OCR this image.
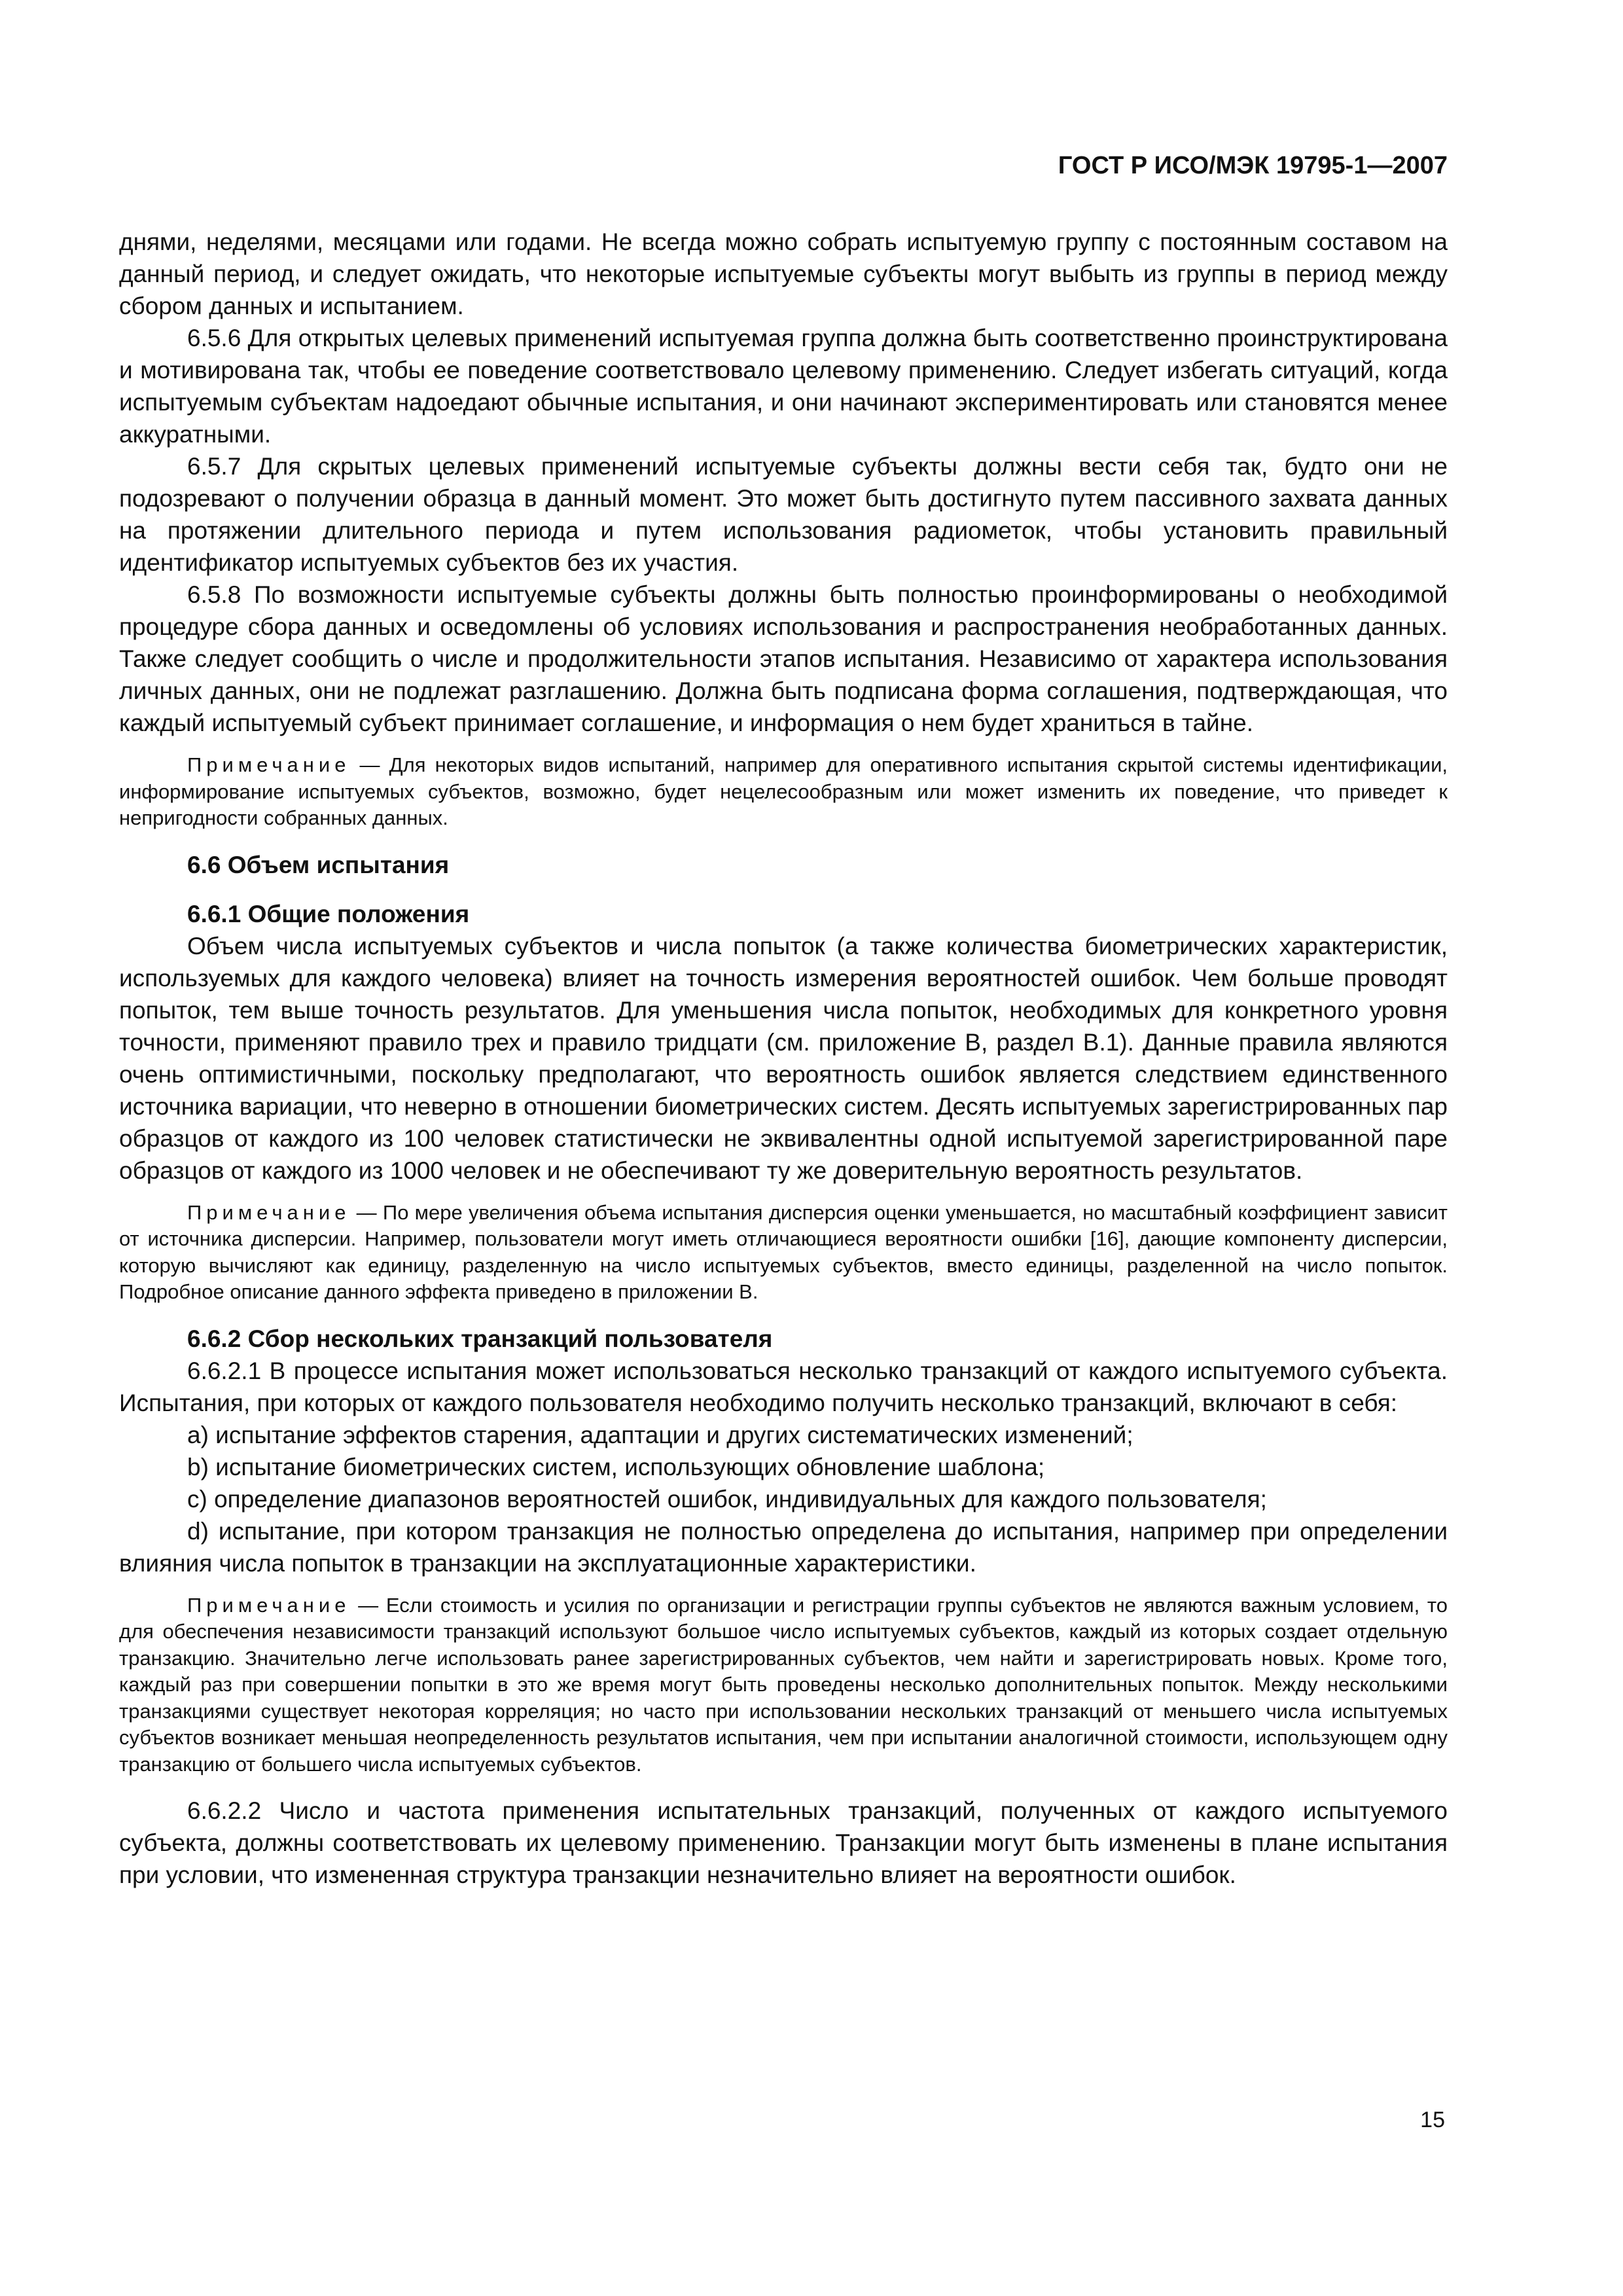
ГОСТ Р ИСО/МЭК 19795-1—2007

днями, неделями, месяцами или годами. Не всегда можно собрать испытуемую группу с постоянным составом на данный период, и следует ожидать, что некоторые испытуемые субъекты могут выбыть из группы в период между сбором данных и испытанием.

6.5.6 Для открытых целевых применений испытуемая группа должна быть соответственно проинструктирована и мотивирована так, чтобы ее поведение соответствовало целевому применению. Следует избегать ситуаций, когда испытуемым субъектам надоедают обычные испытания, и они начинают экспериментировать или становятся менее аккуратными.

6.5.7 Для скрытых целевых применений испытуемые субъекты должны вести себя так, будто они не подозревают о получении образца в данный момент. Это может быть достигнуто путем пассивного захвата данных на протяжении длительного периода и путем использования радиометок, чтобы установить правильный идентификатор испытуемых субъектов без их участия.

6.5.8 По возможности испытуемые субъекты должны быть полностью проинформированы о необходимой процедуре сбора данных и осведомлены об условиях использования и распространения необработанных данных. Также следует сообщить о числе и продолжительности этапов испытания. Независимо от характера использования личных данных, они не подлежат разглашению. Должна быть подписана форма соглашения, подтверждающая, что каждый испытуемый субъект принимает соглашение, и информация о нем будет храниться в тайне.

Примечание — Для некоторых видов испытаний, например для оперативного испытания скрытой системы идентификации, информирование испытуемых субъектов, возможно, будет нецелесообразным или может изменить их поведение, что приведет к непригодности собранных данных.

6.6 Объем испытания
6.6.1 Общие положения

Объем числа испытуемых субъектов и числа попыток (а также количества биометрических характеристик, используемых для каждого человека) влияет на точность измерения вероятностей ошибок. Чем больше проводят попыток, тем выше точность результатов. Для уменьшения числа попыток, необходимых для конкретного уровня точности, применяют правило трех и правило тридцати (см. приложение В, раздел В.1). Данные правила являются очень оптимистичными, поскольку предполагают, что вероятность ошибок является следствием единственного источника вариации, что неверно в отношении биометрических систем. Десять испытуемых зарегистрированных пар образцов от каждого из 100 человек статистически не эквивалентны одной испытуемой зарегистрированной паре образцов от каждого из 1000 человек и не обеспечивают ту же доверительную вероятность результатов.

Примечание — По мере увеличения объема испытания дисперсия оценки уменьшается, но масштабный коэффициент зависит от источника дисперсии. Например, пользователи могут иметь отличающиеся вероятности ошибки [16], дающие компоненту дисперсии, которую вычисляют как единицу, разделенную на число испытуемых субъектов, вместо единицы, разделенной на число попыток. Подробное описание данного эффекта приведено в приложении В.

6.6.2 Сбор нескольких транзакций пользователя

6.6.2.1 В процессе испытания может использоваться несколько транзакций от каждого испытуемого субъекта. Испытания, при которых от каждого пользователя необходимо получить несколько транзакций, включают в себя:

a) испытание эффектов старения, адаптации и других систематических изменений;

b) испытание биометрических систем, использующих обновление шаблона;

c) определение диапазонов вероятностей ошибок, индивидуальных для каждого пользователя;

d) испытание, при котором транзакция не полностью определена до испытания, например при определении влияния числа попыток в транзакции на эксплуатационные характеристики.

Примечание — Если стоимость и усилия по организации и регистрации группы субъектов не являются важным условием, то для обеспечения независимости транзакций используют большое число испытуемых субъектов, каждый из которых создает отдельную транзакцию. Значительно легче использовать ранее зарегистрированных субъектов, чем найти и зарегистрировать новых. Кроме того, каждый раз при совершении попытки в это же время могут быть проведены несколько дополнительных попыток. Между несколькими транзакциями существует некоторая корреляция; но часто при использовании нескольких транзакций от меньшего числа испытуемых субъектов возникает меньшая неопределенность результатов испытания, чем при испытании аналогичной стоимости, использующем одну транзакцию от большего числа испытуемых субъектов.

6.6.2.2 Число и частота применения испытательных транзакций, полученных от каждого испытуемого субъекта, должны соответствовать их целевому применению. Транзакции могут быть изменены в плане испытания при условии, что измененная структура транзакции незначительно влияет на вероятности ошибок.

15
